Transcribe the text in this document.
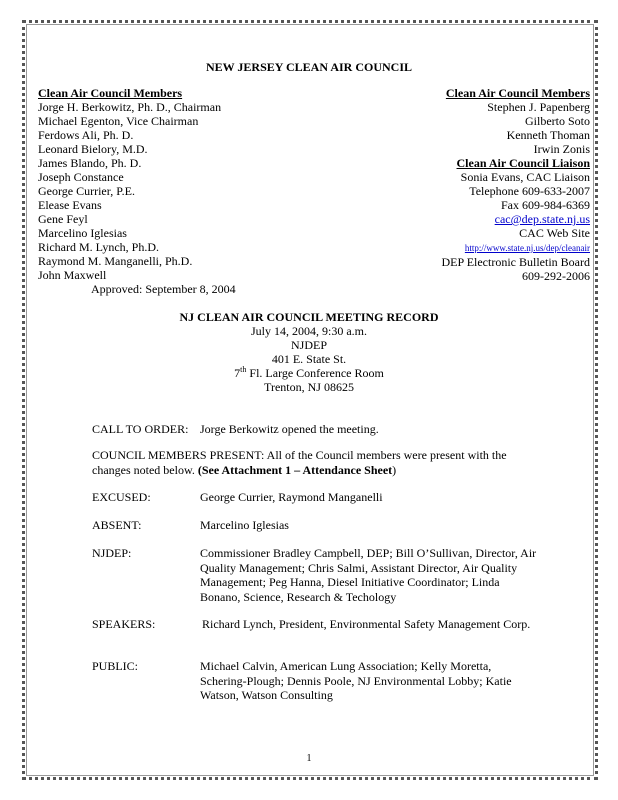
NEW JERSEY CLEAN AIR COUNCIL
Clean Air Council Members
Jorge H. Berkowitz, Ph. D., Chairman
Michael Egenton, Vice Chairman
Ferdows Ali, Ph. D.
Leonard Bielory, M.D.
James Blando, Ph. D.
Joseph Constance
George Currier, P.E.
Elease Evans
Gene Feyl
Marcelino Iglesias
Richard M. Lynch, Ph.D.
Raymond M. Manganelli, Ph.D.
John Maxwell
Approved: September 8, 2004
Clean Air Council Members
Stephen J. Papenberg
Gilberto Soto
Kenneth Thoman
Irwin Zonis
Clean Air Council Liaison
Sonia Evans, CAC Liaison
Telephone 609-633-2007
Fax 609-984-6369
cac@dep.state.nj.us
CAC Web Site
http://www.state.nj.us/dep/cleanair
DEP Electronic Bulletin Board
609-292-2006
NJ CLEAN AIR COUNCIL MEETING RECORD
July 14, 2004, 9:30 a.m.
NJDEP
401 E. State St.
7th Fl. Large Conference Room
Trenton, NJ 08625
CALL TO ORDER: Jorge Berkowitz opened the meeting.
COUNCIL MEMBERS PRESENT: All of the Council members were present with the changes noted below. (See Attachment 1 – Attendance Sheet)
EXCUSED:	George Currier, Raymond Manganelli
ABSENT:	Marcelino Iglesias
NJDEP:	Commissioner Bradley Campbell, DEP; Bill O’Sullivan, Director, Air Quality Management; Chris Salmi, Assistant Director, Air Quality Management; Peg Hanna, Diesel Initiative Coordinator; Linda Bonano, Science, Research & Techology
SPEAKERS:	Richard Lynch, President, Environmental Safety Management Corp.
PUBLIC:	Michael Calvin, American Lung Association; Kelly Moretta, Schering-Plough; Dennis Poole, NJ Environmental Lobby; Katie Watson, Watson Consulting
1
